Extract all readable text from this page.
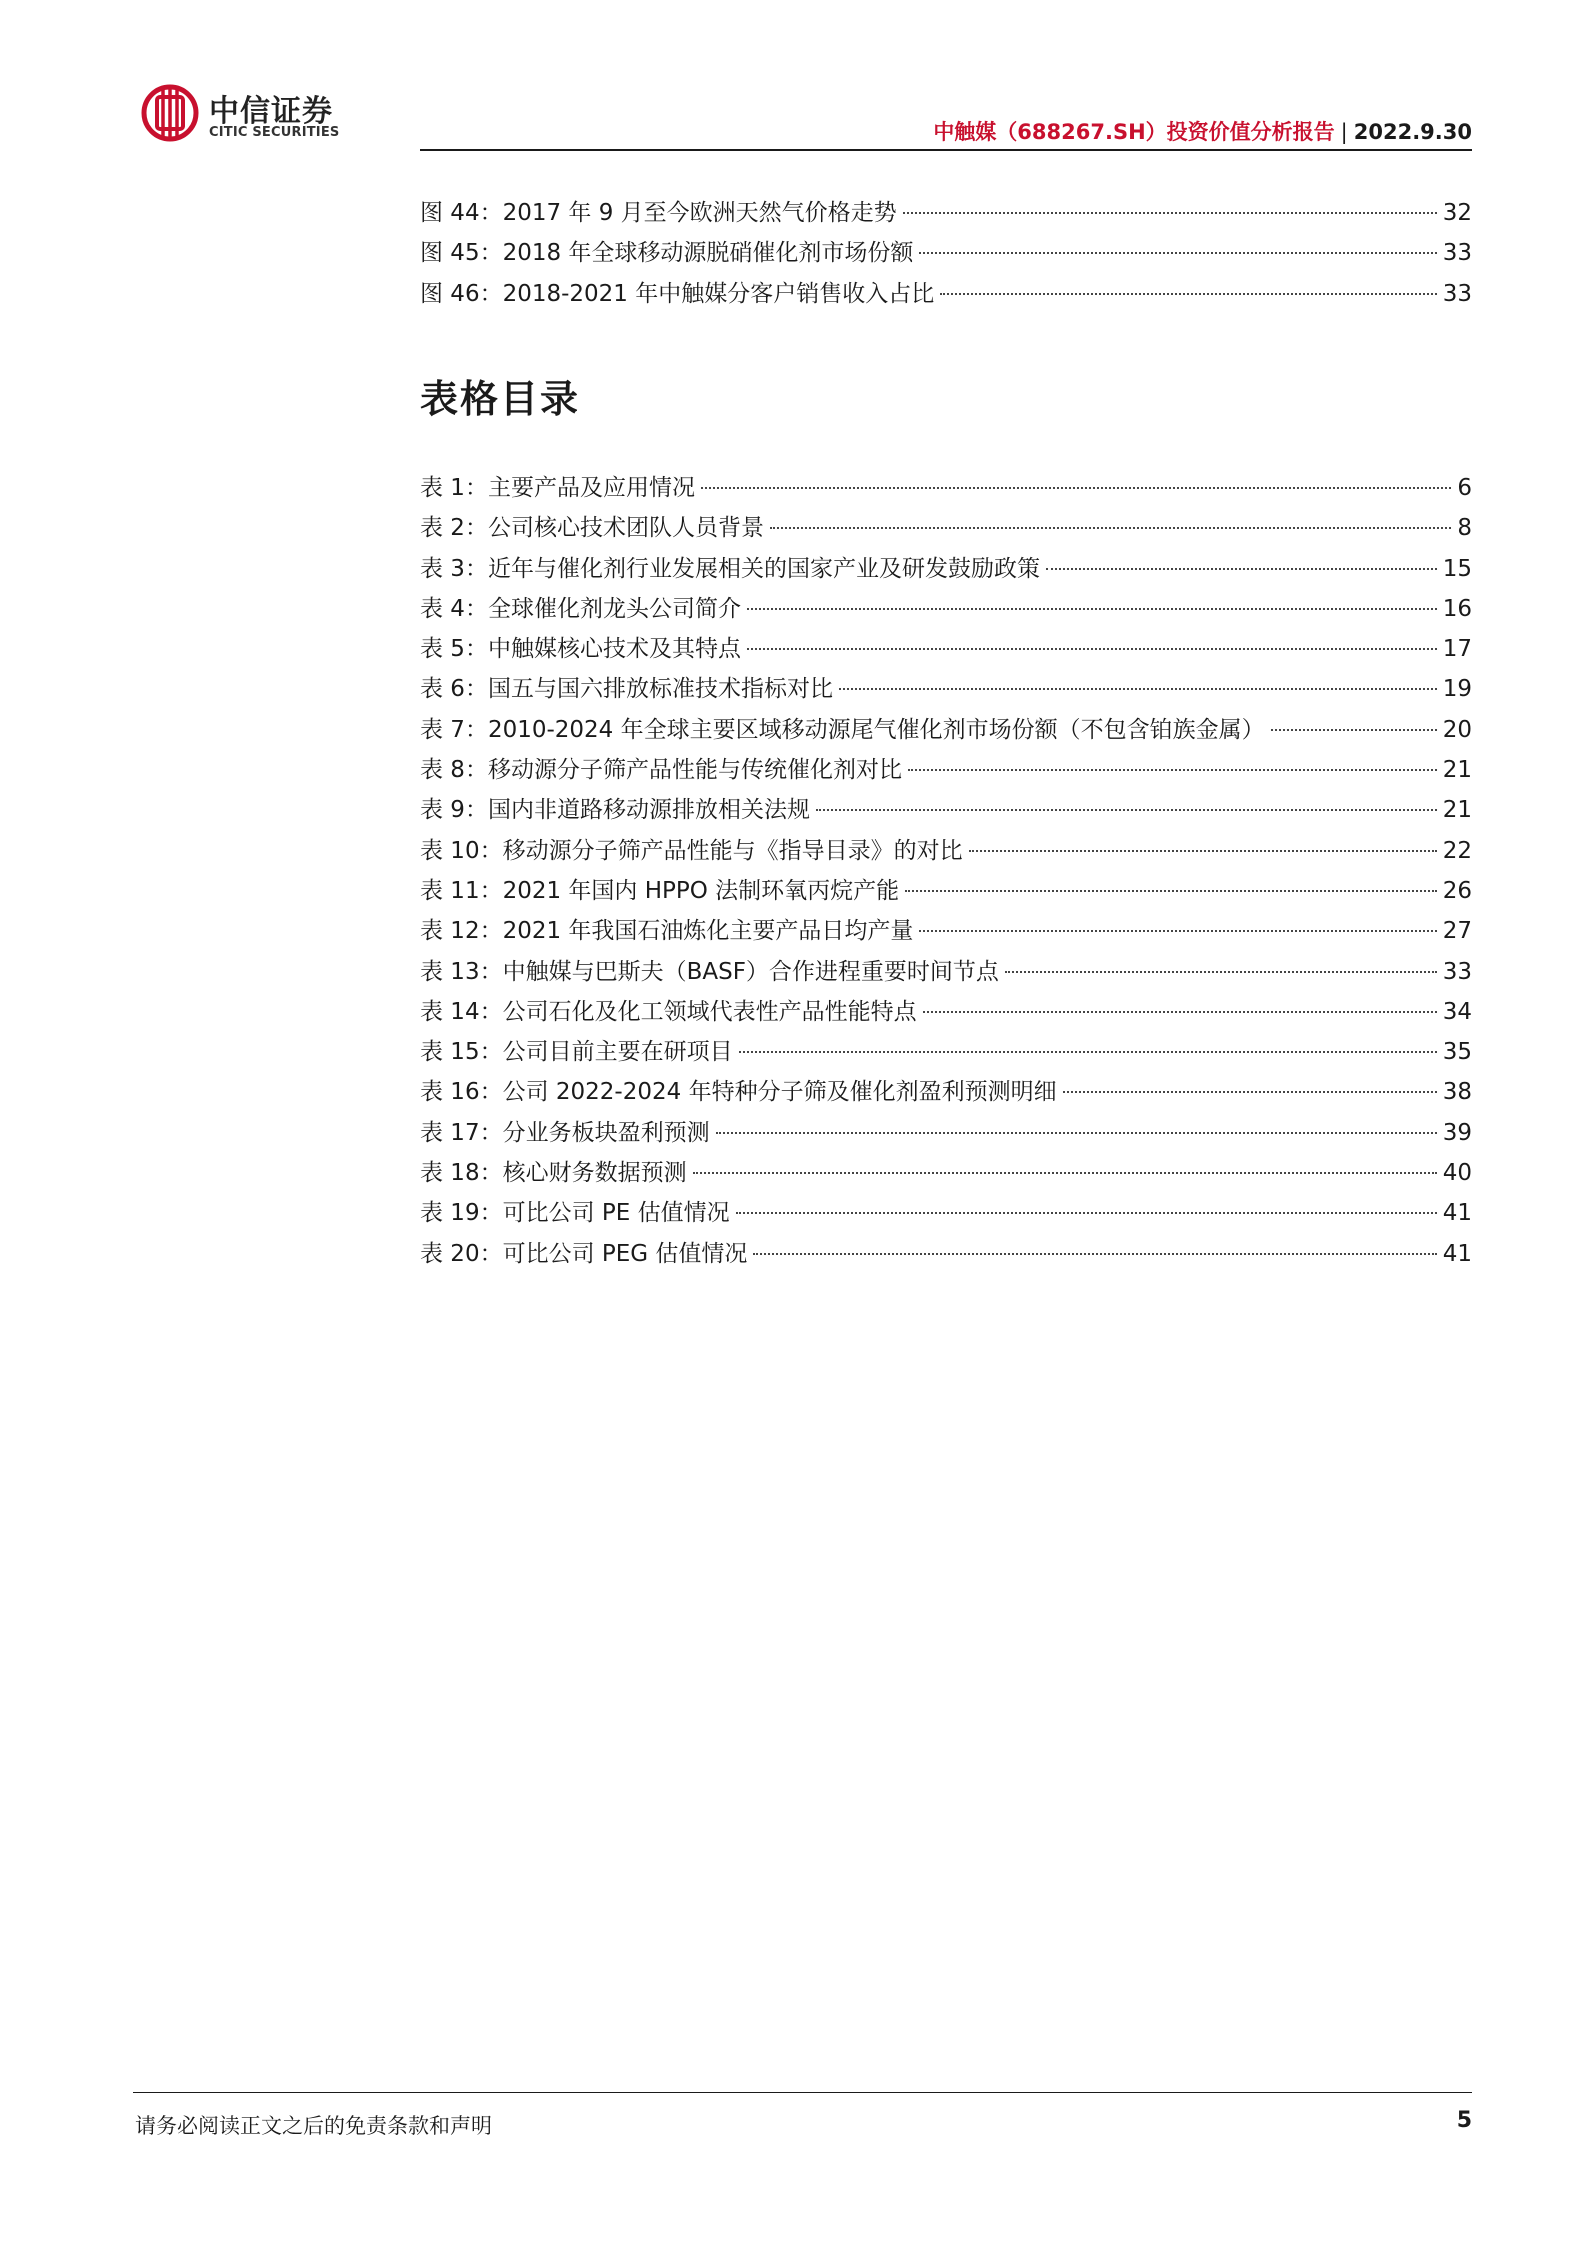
中信证券
CITIC SECURITIES	中触媒（688267.SH）投资价值分析报告 | 2022.9.30
图 44：2017 年 9 月至今欧洲天然气价格走势	32
图 45：2018 年全球移动源脱硝催化剂市场份额	33
图 46：2018-2021 年中触媒分客户销售收入占比	33
表格目录
表 1：主要产品及应用情况	6
表 2：公司核心技术团队人员背景	8
表 3：近年与催化剂行业发展相关的国家产业及研发鼓励政策	15
表 4：全球催化剂龙头公司简介	16
表 5：中触媒核心技术及其特点	17
表 6：国五与国六排放标准技术指标对比	19
表 7：2010-2024 年全球主要区域移动源尾气催化剂市场份额（不包含铂族金属）	20
表 8：移动源分子筛产品性能与传统催化剂对比	21
表 9：国内非道路移动源排放相关法规	21
表 10：移动源分子筛产品性能与《指导目录》的对比	22
表 11：2021 年国内 HPPO 法制环氧丙烷产能	26
表 12：2021 年我国石油炼化主要产品日均产量	27
表 13：中触媒与巴斯夫（BASF）合作进程重要时间节点	33
表 14：公司石化及化工领域代表性产品性能特点	34
表 15：公司目前主要在研项目	35
表 16：公司 2022-2024 年特种分子筛及催化剂盈利预测明细	38
表 17：分业务板块盈利预测	39
表 18：核心财务数据预测	40
表 19：可比公司 PE 估值情况	41
表 20：可比公司 PEG 估值情况	41
请务必阅读正文之后的免责条款和声明	5
